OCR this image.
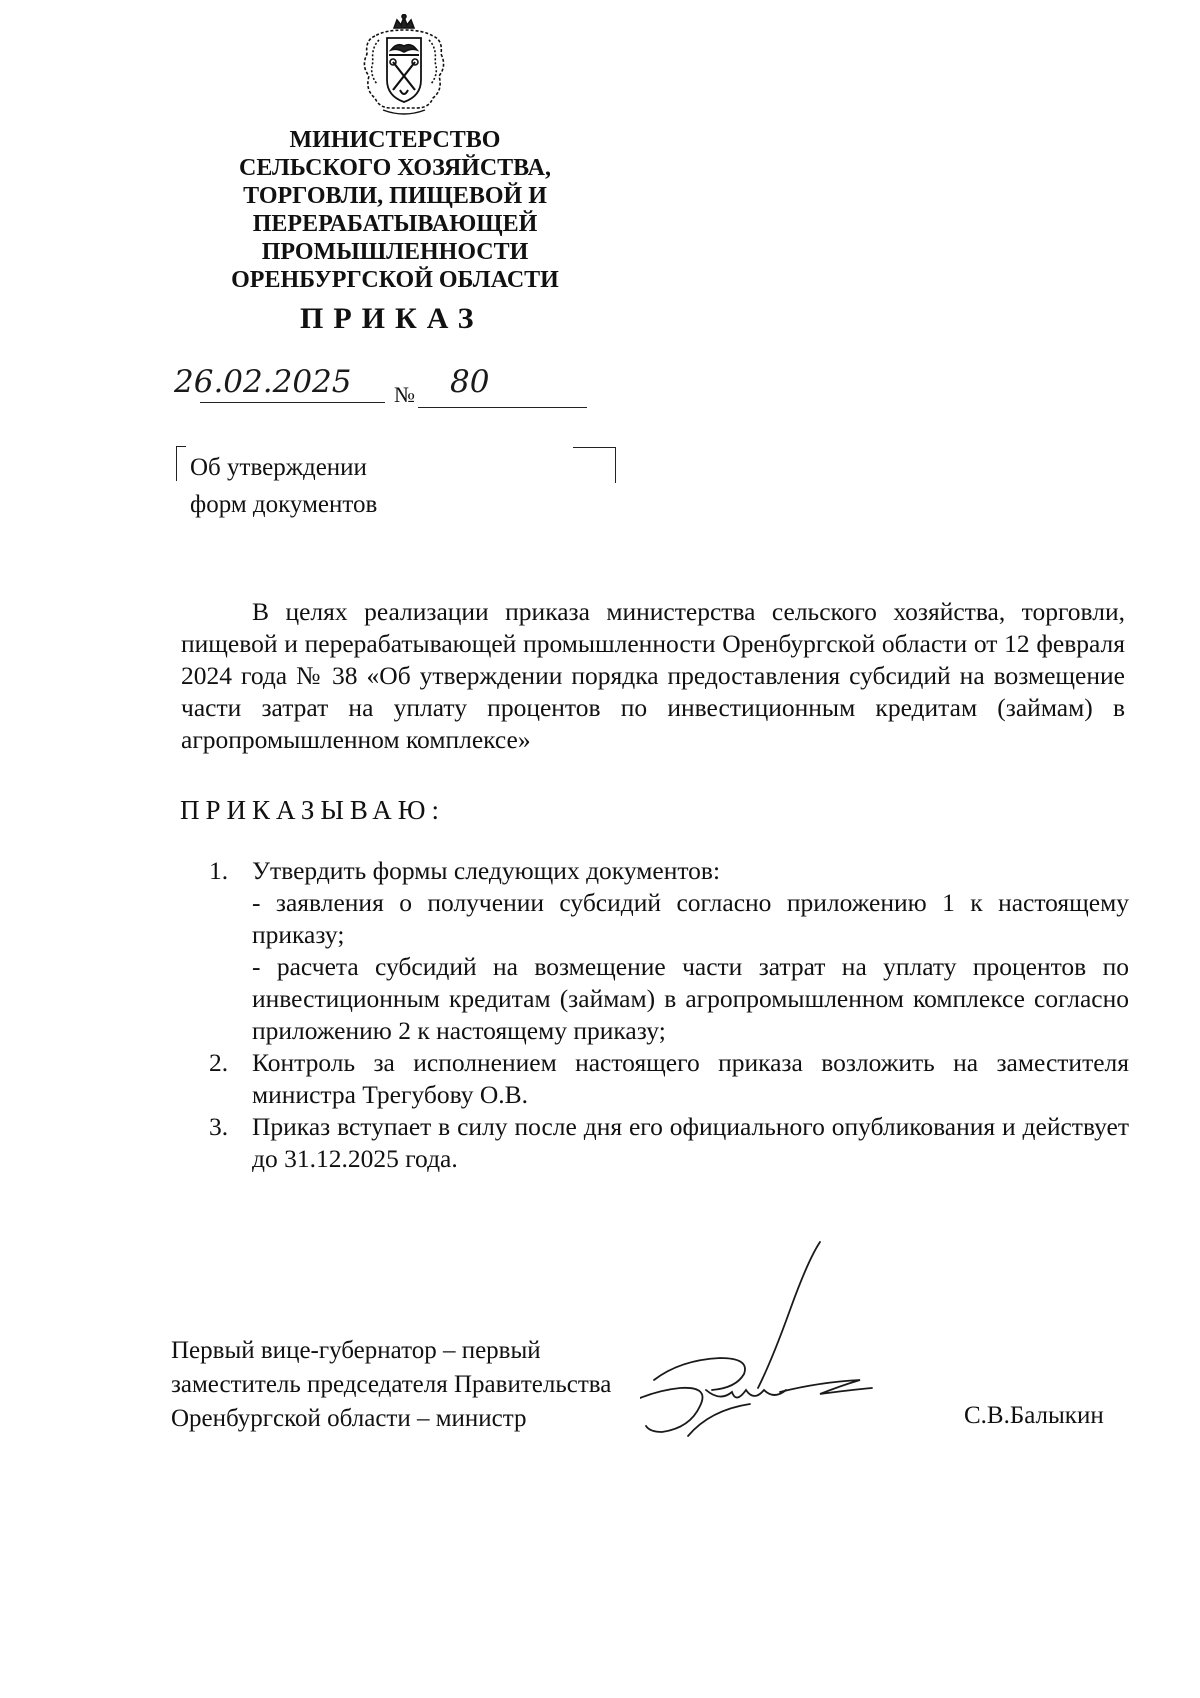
МИНИСТЕРСТВО
СЕЛЬСКОГО ХОЗЯЙСТВА,
ТОРГОВЛИ, ПИЩЕВОЙ И
ПЕРЕРАБАТЫВАЮЩЕЙ
ПРОМЫШЛЕННОСТИ
ОРЕНБУРГСКОЙ ОБЛАСТИ
ПРИКАЗ
26.02.2025 № 80
Об утверждении
форм документов
В целях реализации приказа министерства сельского хозяйства, торговли, пищевой и перерабатывающей промышленности Оренбургской области от 12 февраля 2024 года № 38 «Об утверждении порядка предоставления субсидий на возмещение части затрат на уплату процентов по инвестиционным кредитам (займам) в агропромышленном комплексе»
ПРИКАЗЫВАЮ:
1. Утвердить формы следующих документов:
- заявления о получении субсидий согласно приложению 1 к настоящему приказу;
- расчета субсидий на возмещение части затрат на уплату процентов по инвестиционным кредитам (займам) в агропромышленном комплексе согласно приложению 2 к настоящему приказу;
2. Контроль за исполнением настоящего приказа возложить на заместителя министра Трегубову О.В.
3. Приказ вступает в силу после дня его официального опубликования и действует до 31.12.2025 года.
Первый вице-губернатор – первый
заместитель председателя Правительства
Оренбургской области – министр	С.В.Балыкин
